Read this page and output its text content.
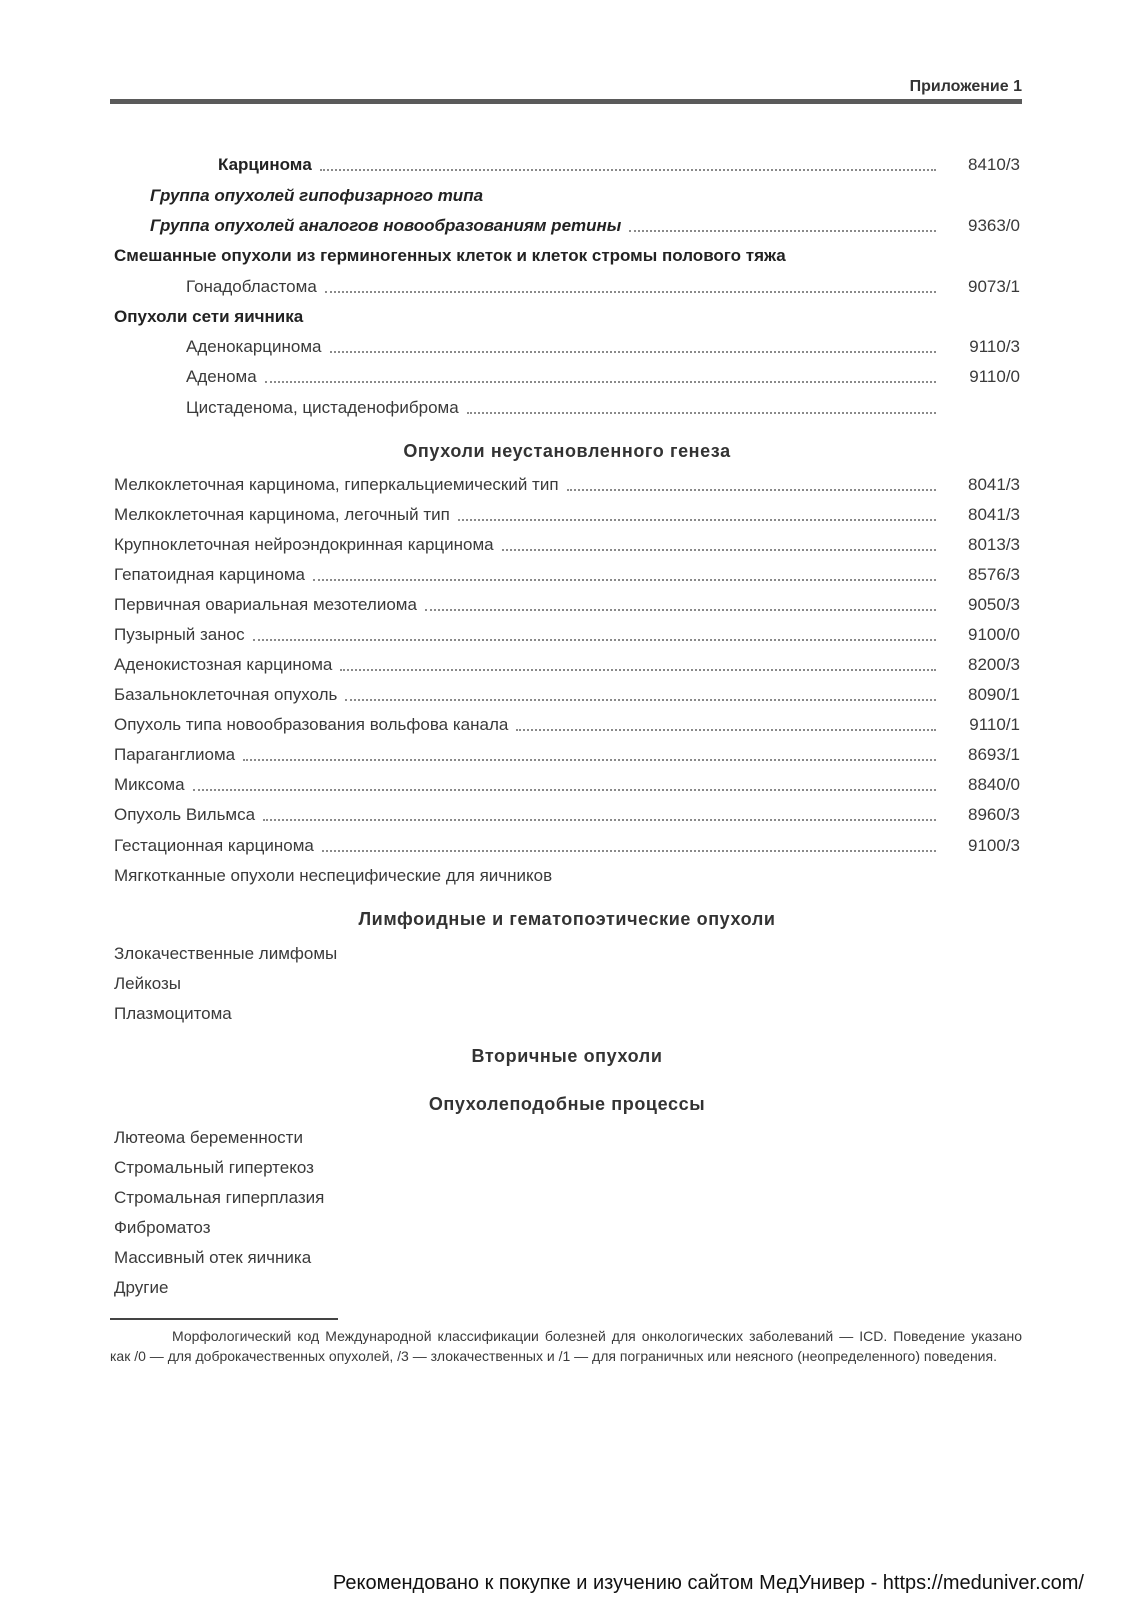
Приложение 1
Карциномa	8410/3
Группа опухолей гипофизарного типа
Группа опухолей аналогов новообразованиям ретины	9363/0
Смешанные опухоли из герминогенных клеток и клеток стромы полового тяжа
Гонадобластома	9073/1
Опухоли сети яичника
Аденокарцинома	9110/3
Аденома	9110/0
Цистаденома, цистаденофиброма
Опухоли неустановленного генеза
Мелкоклеточная карцинома, гиперкальциемический тип	8041/3
Мелкоклеточная карцинома, легочный тип	8041/3
Крупноклеточная нейроэндокринная карцинома	8013/3
Гепатоидная карцинома	8576/3
Первичная овариальная мезотелиома	9050/3
Пузырный занос	9100/0
Аденокистозная карцинома	8200/3
Базальноклеточная опухоль	8090/1
Опухоль типа новообразования вольфова канала	9110/1
Параганглиома	8693/1
Миксома	8840/0
Опухоль Вильмса	8960/3
Гестационная карцинома	9100/3
Мягкотканные опухоли неспецифические для яичников
Лимфоидные и гематопоэтические опухоли
Злокачественные лимфомы
Лейкозы
Плазмоцитома
Вторичные опухоли
Опухолеподобные процессы
Лютеома беременности
Стромальный гипертекоз
Стромальная гиперплазия
Фиброматоз
Массивный отек яичника
Другие
Морфологический код Международной классификации болезней для онкологических заболеваний — ICD. Поведение указано как /0 — для доброкачественных опухолей, /3 — злокачественных и /1 — для пограничных или неясного (неопределенного) поведения.
Рекомендовано к покупке и изучению сайтом МедУнивер - https://meduniver.com/
